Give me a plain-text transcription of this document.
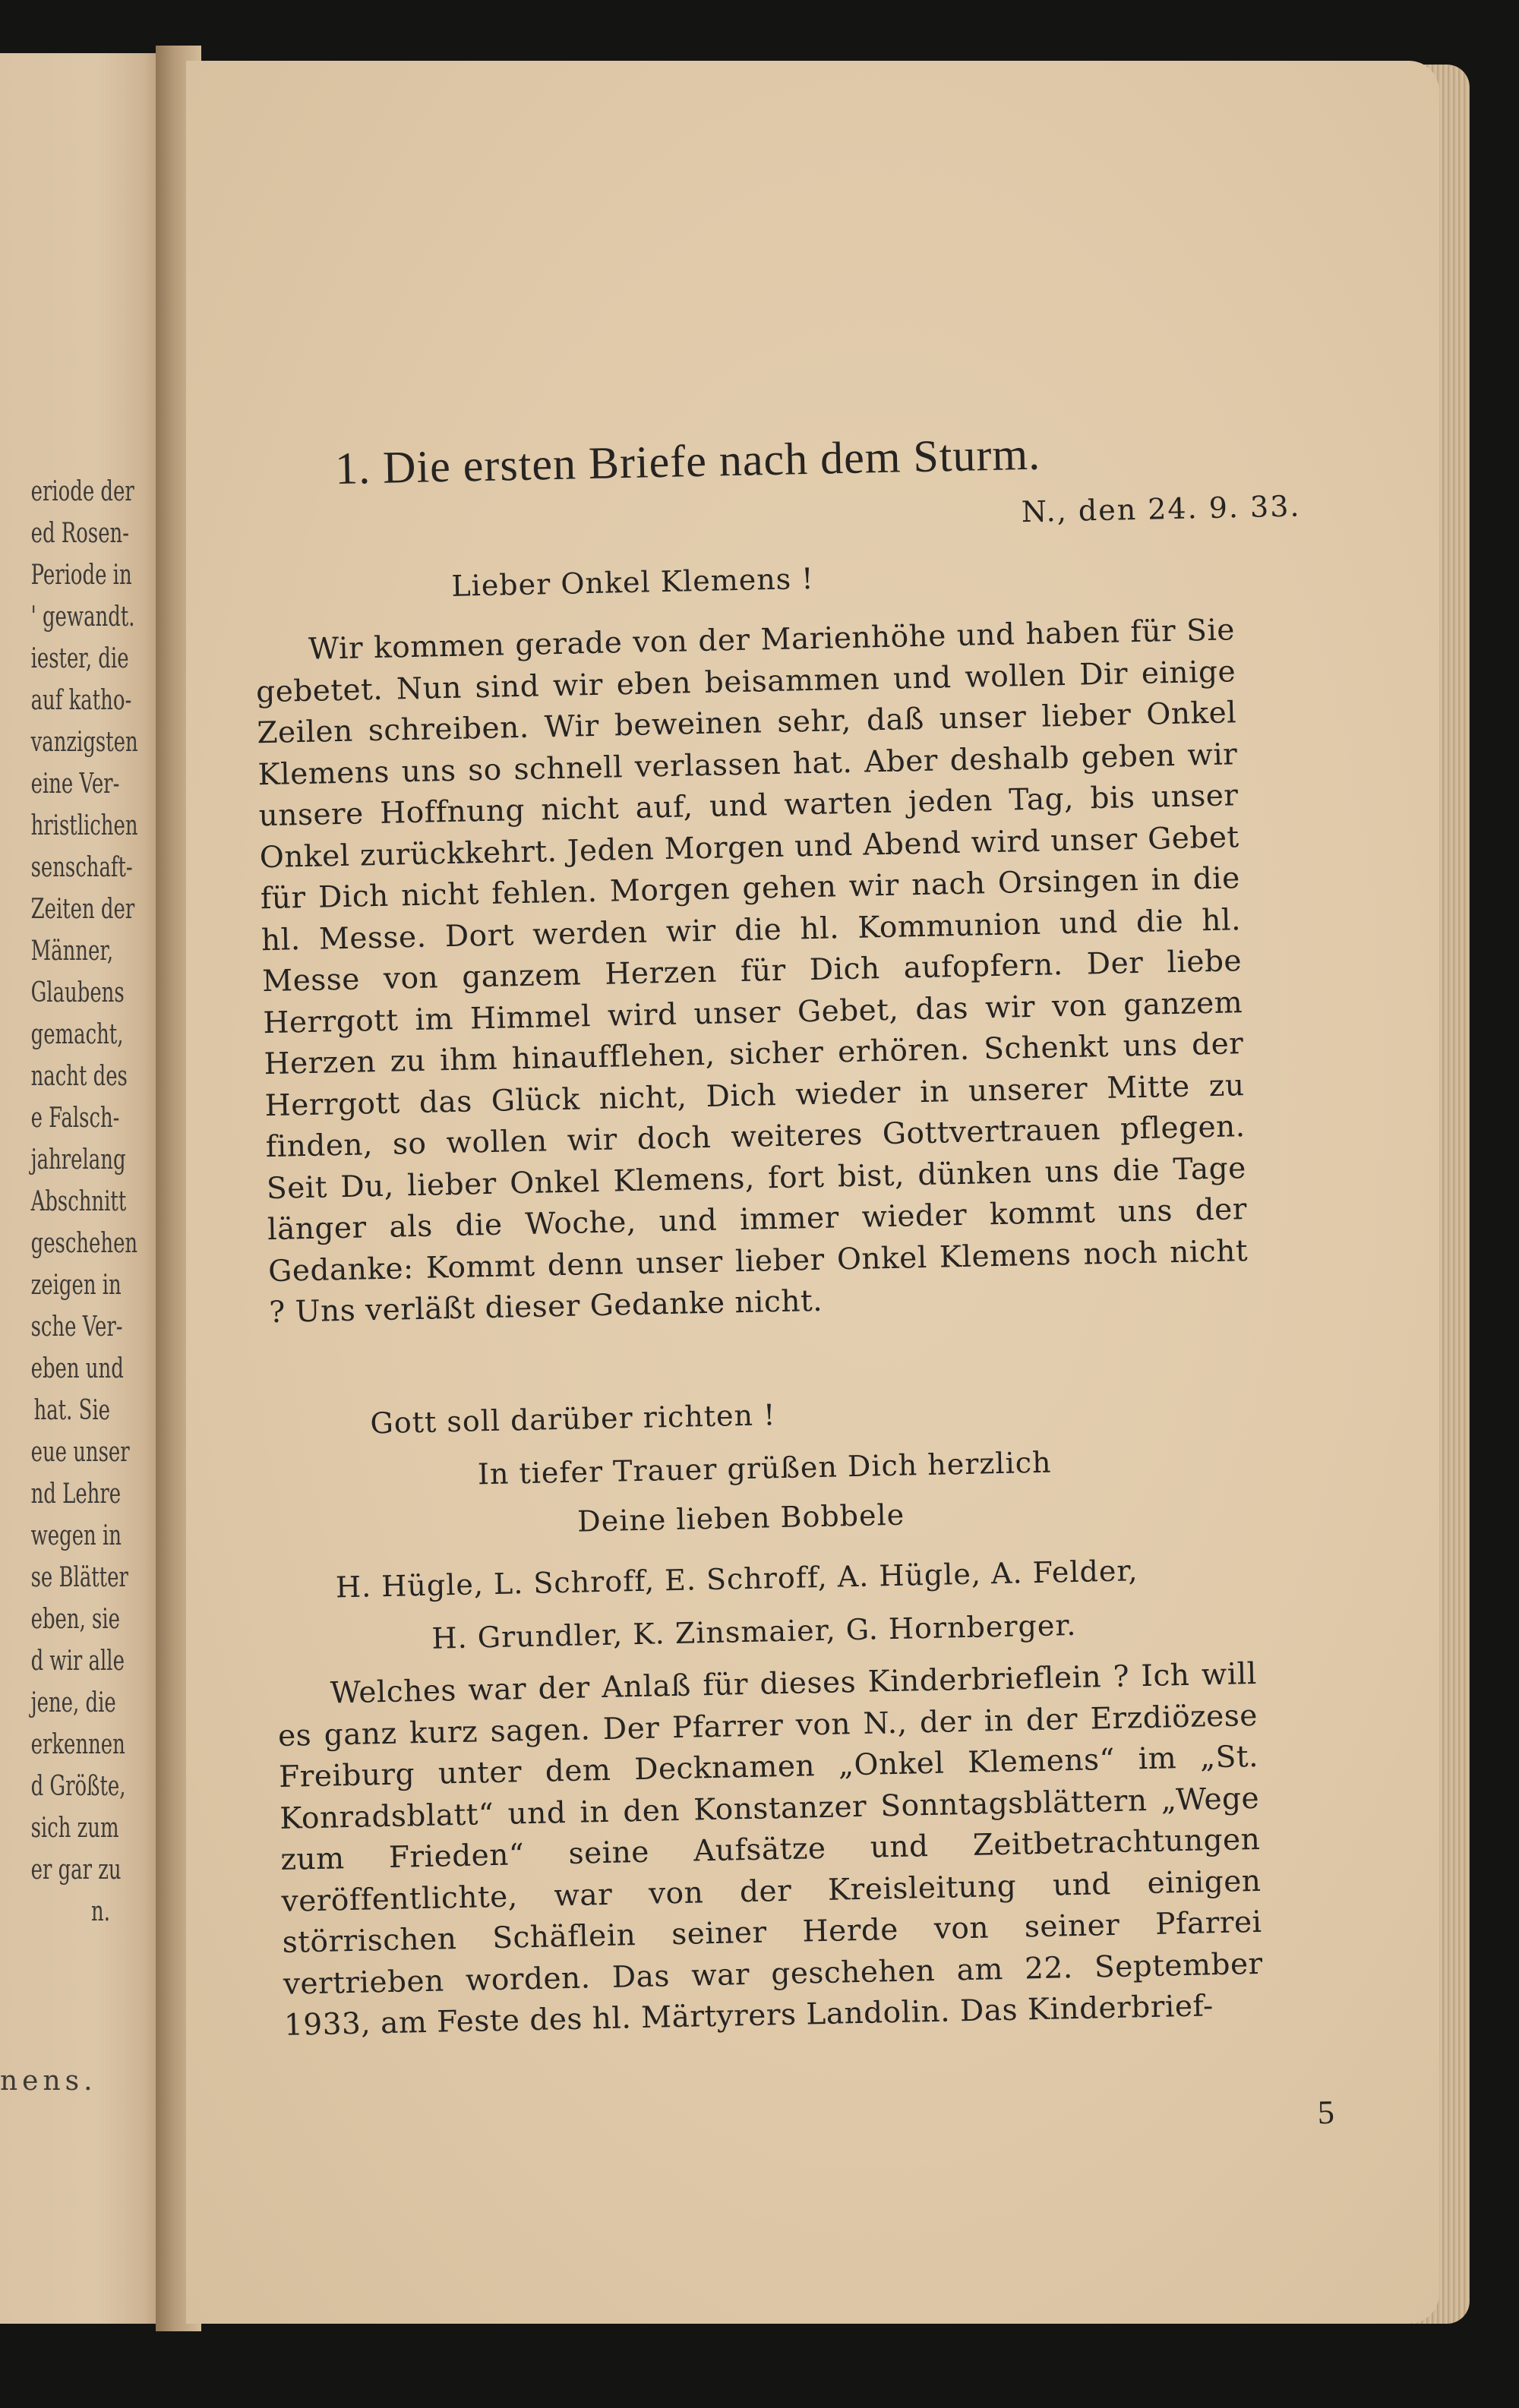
eriode der
ed Rosen-
Periode in
' gewandt.
iester, die
auf katho-
vanzigsten
eine Ver-
hristlichen
senschaft-
Zeiten der
Männer,
Glaubens
gemacht,
nacht des
e Falsch-
jahrelang
Abschnitt
geschehen
zeigen in
sche Ver-
eben und
hat. Sie
eue unser
nd Lehre
wegen in
se Blätter
eben, sie
d wir alle
jene, die
erkennen
d Größte,
sich zum
er gar zu
n.
nens.
1. Die ersten Briefe nach dem Sturm.
N., den 24. 9. 33.
Lieber Onkel Klemens !
Wir kommen gerade von der Marienhöhe und haben für Sie gebetet. Nun sind wir eben beisammen und wollen Dir einige Zeilen schreiben. Wir beweinen sehr, daß unser lieber Onkel Klemens uns so schnell verlassen hat. Aber deshalb geben wir unsere Hoffnung nicht auf, und warten jeden Tag, bis unser Onkel zurückkehrt. Jeden Morgen und Abend wird unser Gebet für Dich nicht fehlen. Morgen gehen wir nach Orsingen in die hl. Messe. Dort werden wir die hl. Kommunion und die hl. Messe von ganzem Herzen für Dich aufopfern. Der liebe Herrgott im Himmel wird unser Gebet, das wir von ganzem Herzen zu ihm hinaufflehen, sicher erhören. Schenkt uns der Herrgott das Glück nicht, Dich wieder in unserer Mitte zu finden, so wollen wir doch weiteres Gottvertrauen pflegen. Seit Du, lieber Onkel Klemens, fort bist, dünken uns die Tage länger als die Woche, und immer wieder kommt uns der Gedanke: Kommt denn unser lieber Onkel Klemens noch nicht ? Uns verläßt dieser Gedanke nicht.
Gott soll darüber richten !
In tiefer Trauer grüßen Dich herzlich
Deine lieben Bobbele
H. Hügle, L. Schroff, E. Schroff, A. Hügle, A. Felder,
H. Grundler, K. Zinsmaier, G. Hornberger.
Welches war der Anlaß für dieses Kinderbrieflein ? Ich will es ganz kurz sagen. Der Pfarrer von N., der in der Erzdiözese Freiburg unter dem Decknamen „Onkel Klemens“ im „St. Konradsblatt“ und in den Konstanzer Sonntagsblättern „Wege zum Frieden“ seine Aufsätze und Zeitbetrachtungen veröffentlichte, war von der Kreisleitung und einigen störrischen Schäflein seiner Herde von seiner Pfarrei vertrieben worden. Das war geschehen am 22. September 1933, am Feste des hl. Märtyrers Landolin. Das Kinderbrief-
5
